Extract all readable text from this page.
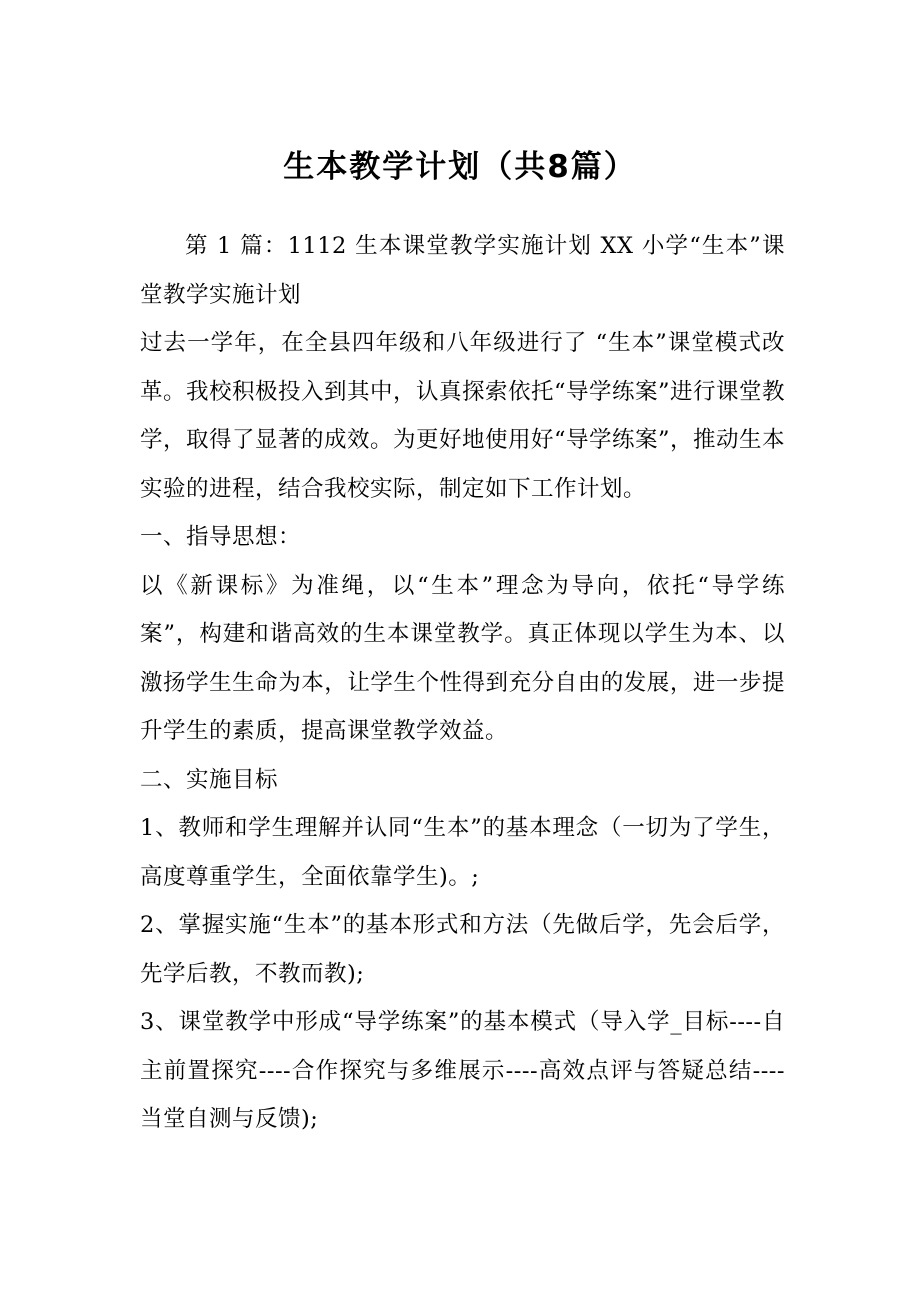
生本教学计划（共8篇）

第 1 篇：1112 生本课堂教学实施计划 XX 小学“生本”课堂教学实施计划

过去一学年，在全县四年级和八年级进行了 “生本”课堂模式改革。我校积极投入到其中，认真探索依托“导学练案”进行课堂教学，取得了显著的成效。为更好地使用好“导学练案”，推动生本实验的进程，结合我校实际，制定如下工作计划。

一、指导思想：

以《新课标》为准绳，以“生本”理念为导向，依托“导学练案”，构建和谐高效的生本课堂教学。真正体现以学生为本、以激扬学生生命为本，让学生个性得到充分自由的发展，进一步提升学生的素质，提高课堂教学效益。

二、实施目标

1、教师和学生理解并认同“生本”的基本理念（一切为了学生，高度尊重学生，全面依靠学生)。;

2、掌握实施“生本”的基本形式和方法（先做后学，先会后学，先学后教，不教而教);

3、课堂教学中形成“导学练案”的基本模式（导入学_目标----自主前置探究----合作探究与多维展示----高效点评与答疑总结----当堂自测与反馈);
